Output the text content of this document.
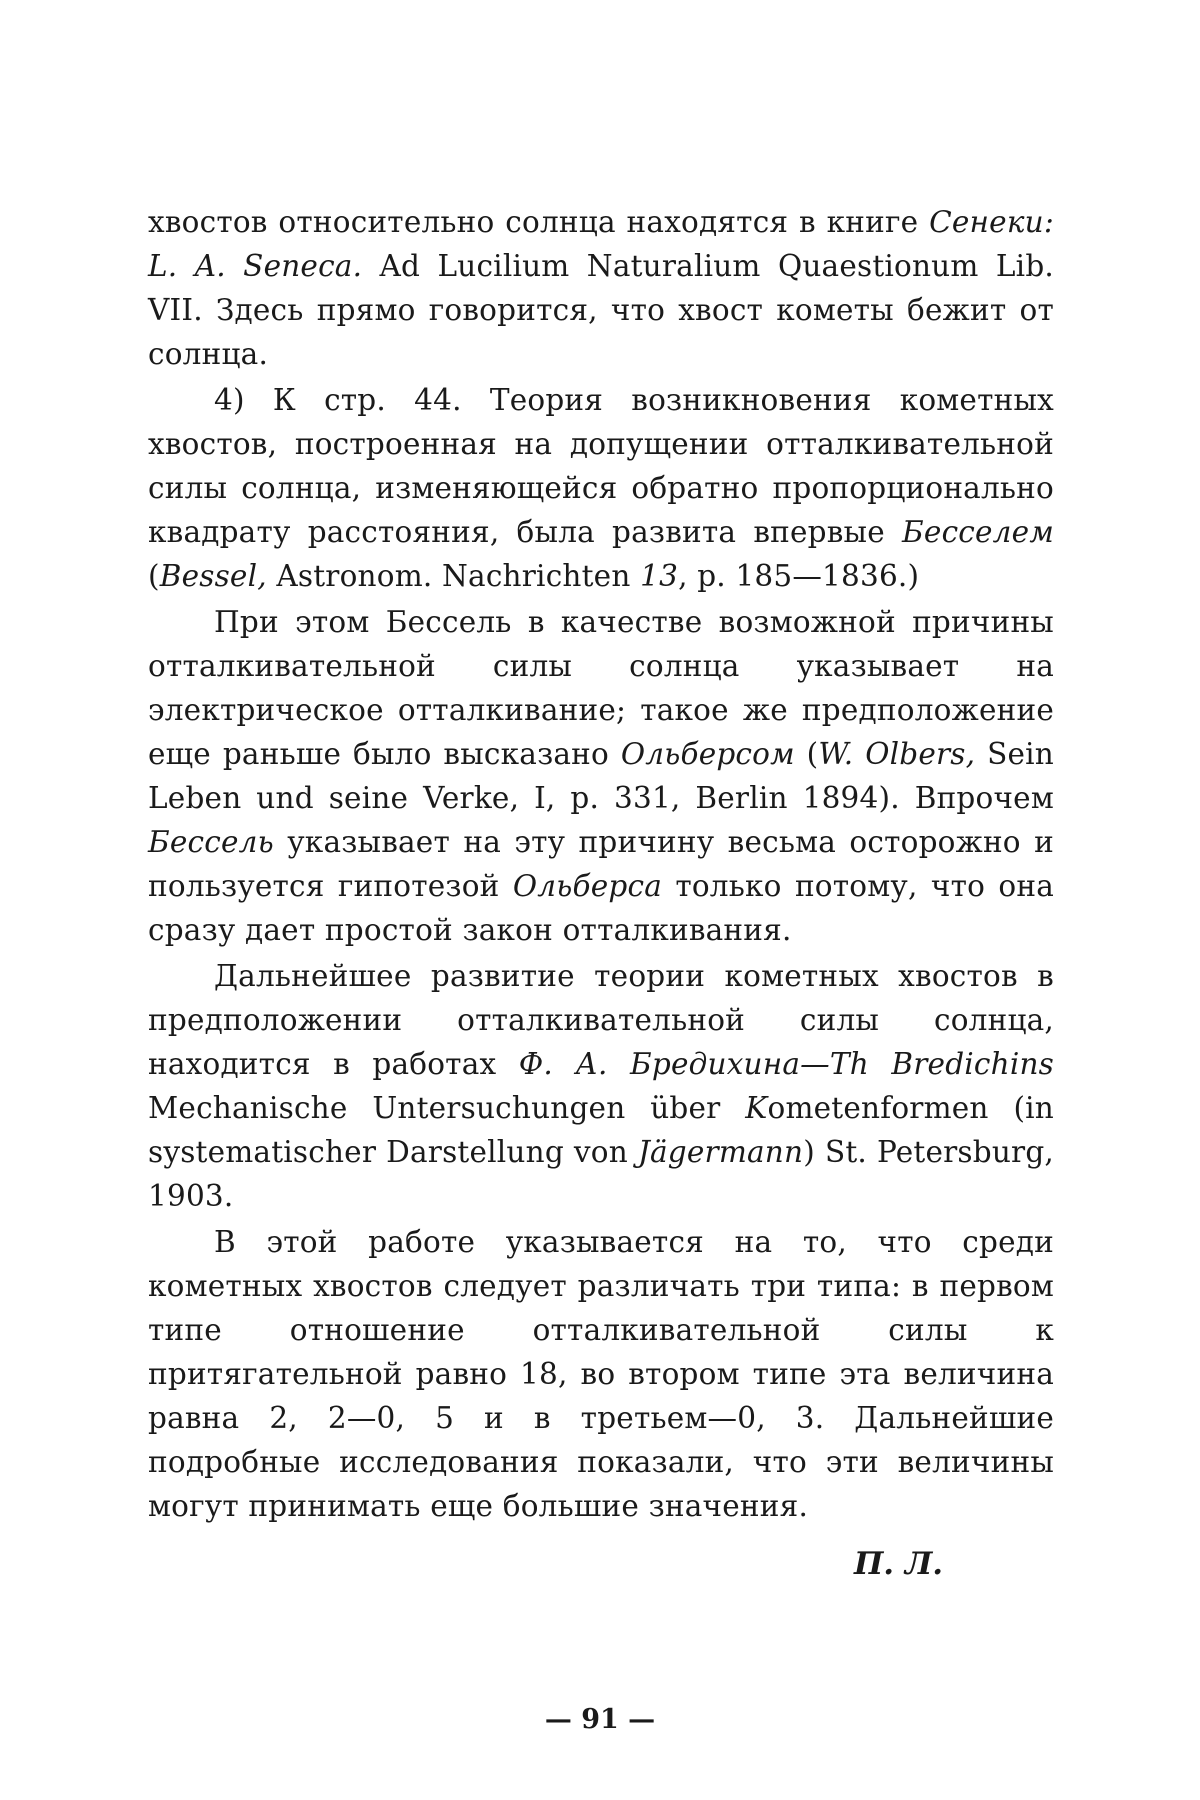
хвостов относительно солнца находятся в книге Сенеки: L. A. Seneca. Ad Lucilium Naturalium Quaestionum Lib. VII. Здесь прямо говорится, что хвост кометы бежит от солнца.

4) К стр. 44. Теория возникновения кометных хвостов, построенная на допущении отталкивательной силы солнца, изменяющейся обратно пропорционально квадрату расстояния, была развита впервые Бесселем (Bessel, Astronom. Nachrichten 13, p. 185—1836.)

При этом Бессель в качестве возможной причины отталкивательной силы солнца указывает на электрическое отталкивание; такое же предположение еще раньше было высказано Ольберсом (W. Olbers, Sein Leben und seine Verke, I, p. 331, Berlin 1894). Впрочем Бессель указывает на эту причину весьма осторожно и пользуется гипотезой Ольберса только потому, что она сразу дает простой закон отталкивания.

Дальнейшее развитие теории кометных хвостов в предположении отталкивательной силы солнца, находится в работах Ф. А. Бредихина—Th Bredichins Mechanische Untersuchungen über Kometenformen (in systematischer Darstellung von Jägermann) St. Petersburg, 1903.

В этой работе указывается на то, что среди кометных хвостов следует различать три типа: в первом типе отношение отталкивательной силы к притягательной равно 18, во втором типе эта величина равна 2, 2—0, 5 и в третьем—0, 3. Дальнейшие подробные исследования показали, что эти величины могут принимать еще большие значения.

П. Л.
— 91 —
